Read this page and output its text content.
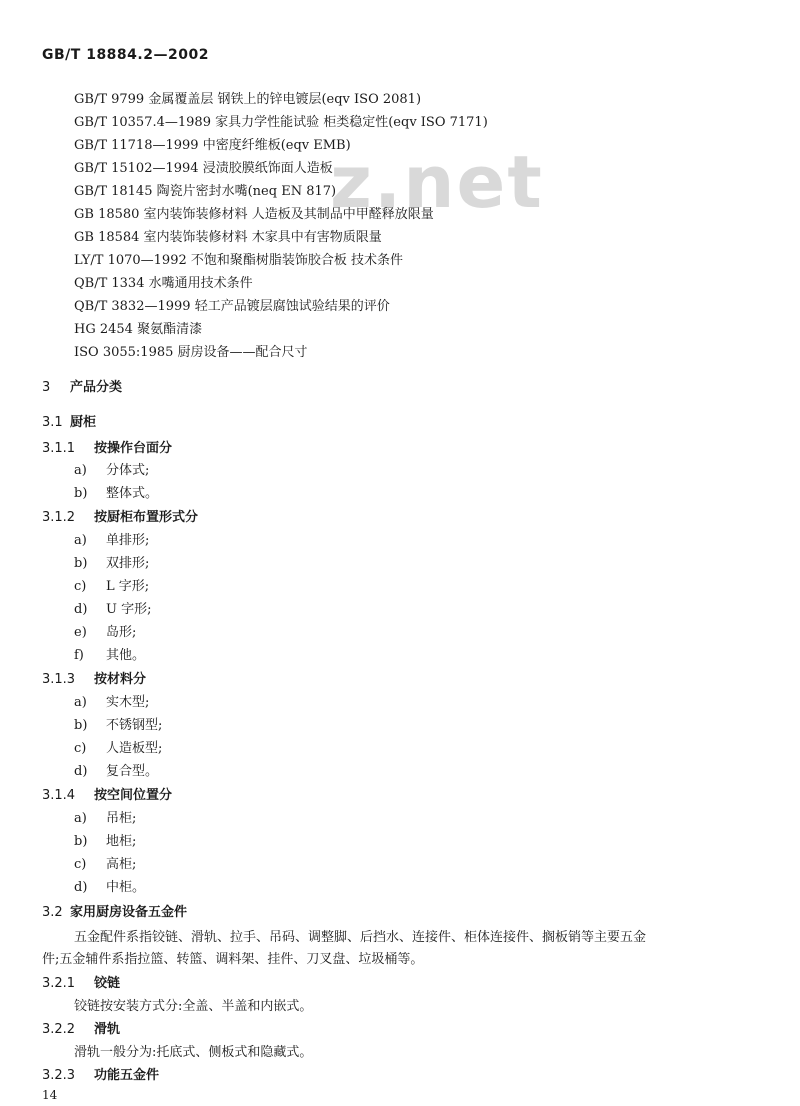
GB/T 18884.2—2002
z.net
GB/T 9799 金属覆盖层 钢铁上的锌电镀层(eqv ISO 2081)
GB/T 10357.4—1989 家具力学性能试验 柜类稳定性(eqv ISO 7171)
GB/T 11718—1999 中密度纤维板(eqv EMB)
GB/T 15102—1994 浸渍胶膜纸饰面人造板
GB/T 18145 陶瓷片密封水嘴(neq EN 817)
GB 18580 室内装饰装修材料 人造板及其制品中甲醛释放限量
GB 18584 室内装饰装修材料 木家具中有害物质限量
LY/T 1070—1992 不饱和聚酯树脂装饰胶合板 技术条件
QB/T 1334 水嘴通用技术条件
QB/T 3832—1999 轻工产品镀层腐蚀试验结果的评价
HG 2454 聚氨酯清漆
ISO 3055:1985 厨房设备——配合尺寸
3 产品分类
3.1 厨柜
3.1.1 按操作台面分
a) 分体式;
b) 整体式。
3.1.2 按厨柜布置形式分
a) 单排形;
b) 双排形;
c) L 字形;
d) U 字形;
e) 岛形;
f) 其他。
3.1.3 按材料分
a) 实木型;
b) 不锈钢型;
c) 人造板型;
d) 复合型。
3.1.4 按空间位置分
a) 吊柜;
b) 地柜;
c) 高柜;
d) 中柜。
3.2 家用厨房设备五金件
五金配件系指铰链、滑轨、拉手、吊码、调整脚、后挡水、连接件、柜体连接件、搁板销等主要五金
件;五金辅件系指拉篮、转篮、调料架、挂件、刀叉盘、垃圾桶等。
3.2.1 铰链
铰链按安装方式分:全盖、半盖和内嵌式。
3.2.2 滑轨
滑轨一般分为:托底式、侧板式和隐藏式。
3.2.3 功能五金件
14
